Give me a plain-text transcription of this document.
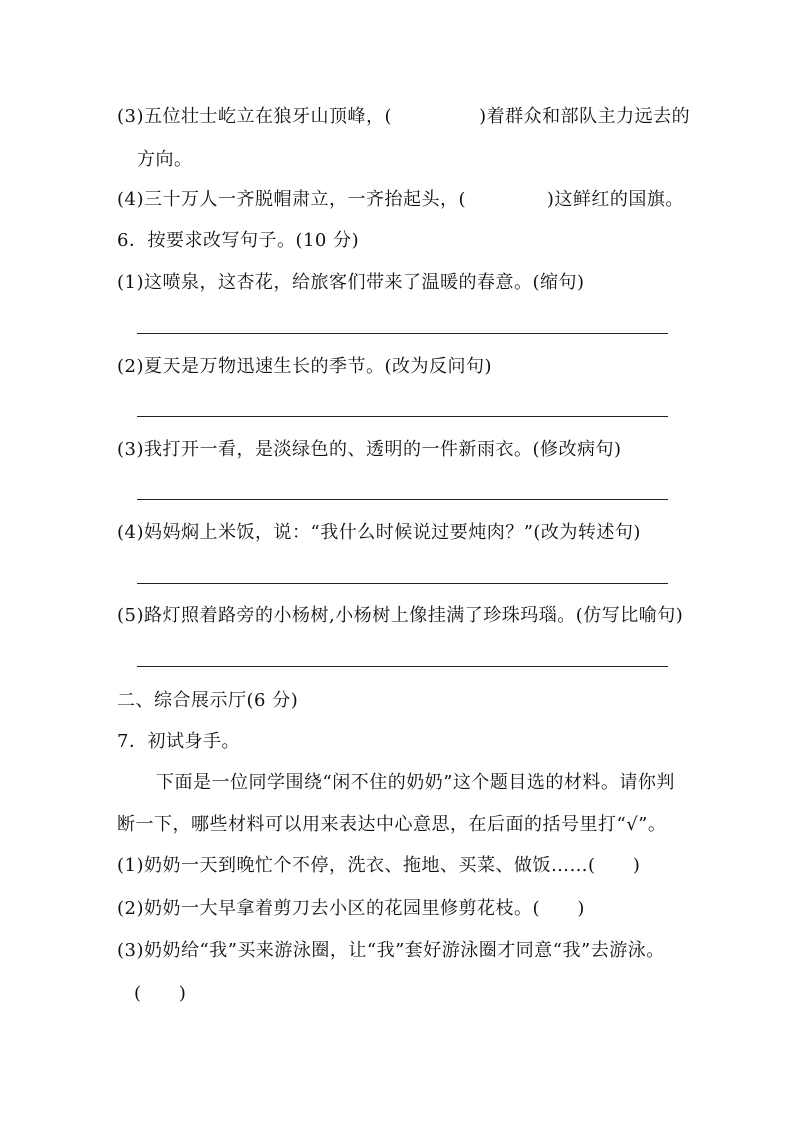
(3)五位壮士屹立在狼牙山顶峰，(              )着群众和部队主力远去的
方向。
(4)三十万人一齐脱帽肃立，一齐抬起头，(             )这鲜红的国旗。
6．按要求改写句子。(10 分)
(1)这喷泉，这杏花，给旅客们带来了温暖的春意。(缩句)
(2)夏天是万物迅速生长的季节。(改为反问句)
(3)我打开一看，是淡绿色的、透明的一件新雨衣。(修改病句)
(4)妈妈焖上米饭，说：“我什么时候说过要炖肉？”(改为转述句)
(5)路灯照着路旁的小杨树,小杨树上像挂满了珍珠玛瑙。(仿写比喻句)
二、综合展示厅(6 分)
7．初试身手。
下面是一位同学围绕“闲不住的奶奶”这个题目选的材料。请你判
断一下，哪些材料可以用来表达中心意思，在后面的括号里打“√”。
(1)奶奶一天到晚忙个不停，洗衣、拖地、买菜、做饭……(      )
(2)奶奶一大早拿着剪刀去小区的花园里修剪花枝。(      )
(3)奶奶给“我”买来游泳圈，让“我”套好游泳圈才同意“我”去游泳。
(      )
